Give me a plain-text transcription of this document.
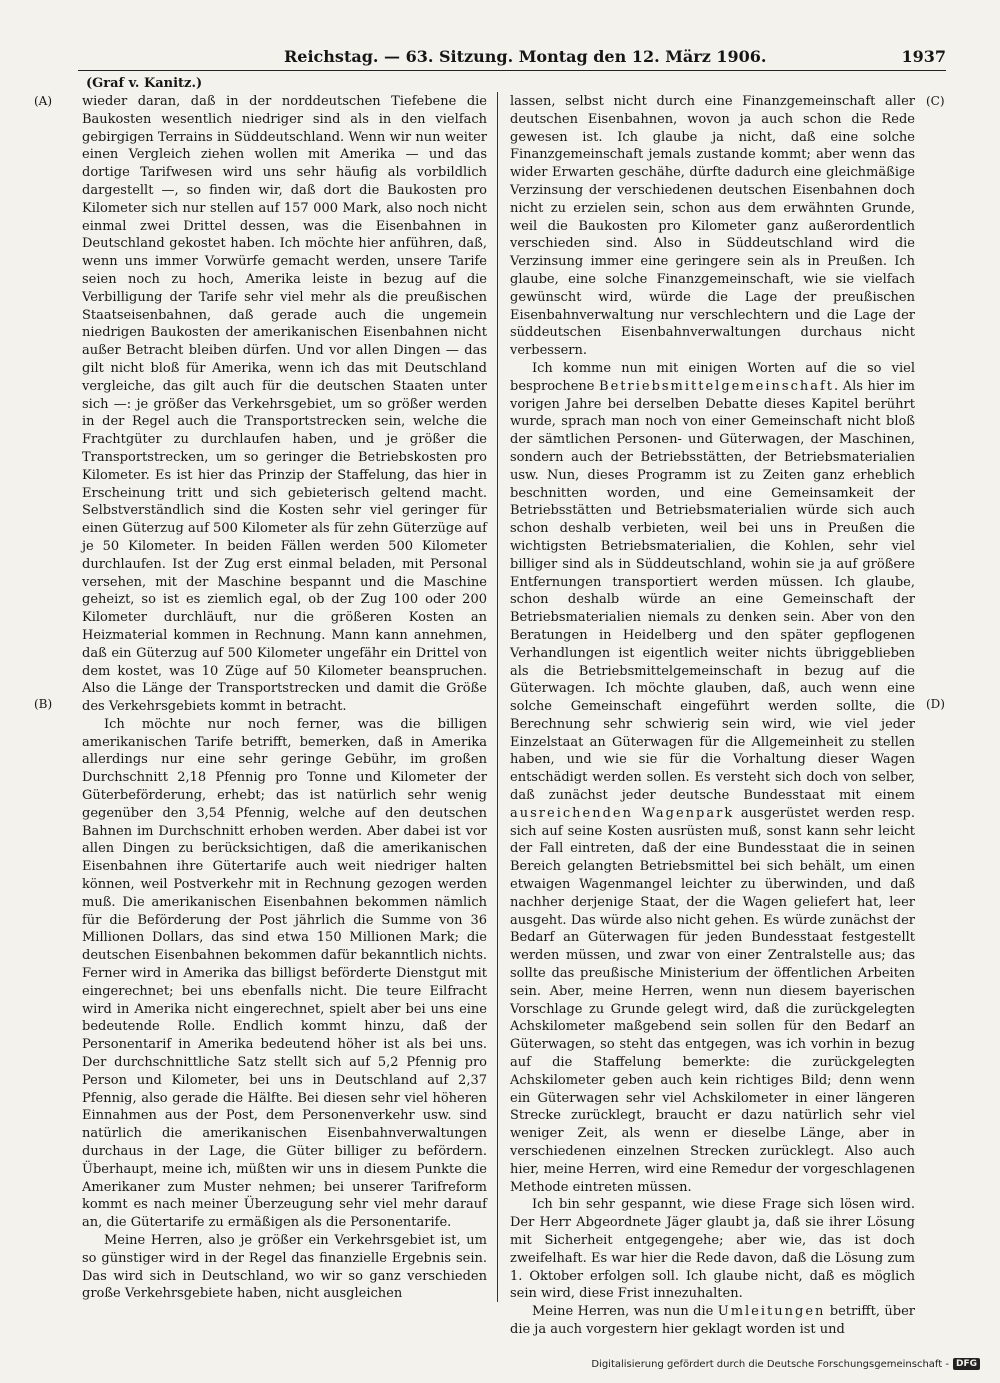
Reichstag. — 63. Sitzung. Montag den 12. März 1906.	1937
(Graf v. Kanitz.)
(A)
(B)
(C)
(D)

wieder daran, daß in der norddeutschen Tiefebene die Baukosten wesentlich niedriger sind als in den vielfach gebirgigen Terrains in Süddeutschland. Wenn wir nun weiter einen Vergleich ziehen wollen mit Amerika — und das dortige Tarifwesen wird uns sehr häufig als vorbildlich dargestellt —, so finden wir, daß dort die Baukosten pro Kilometer sich nur stellen auf 157 000 Mark, also noch nicht einmal zwei Drittel dessen, was die Eisenbahnen in Deutschland gekostet haben. Ich möchte hier anführen, daß, wenn uns immer Vorwürfe gemacht werden, unsere Tarife seien noch zu hoch, Amerika leiste in bezug auf die Verbilligung der Tarife sehr viel mehr als die preußischen Staatseisenbahnen, daß gerade auch die ungemein niedrigen Baukosten der amerikanischen Eisenbahnen nicht außer Betracht bleiben dürfen. Und vor allen Dingen — das gilt nicht bloß für Amerika, wenn ich das mit Deutschland vergleiche, das gilt auch für die deutschen Staaten unter sich —: je größer das Verkehrsgebiet, um so größer werden in der Regel auch die Transportstrecken sein, welche die Frachtgüter zu durchlaufen haben, und je größer die Transportstrecken, um so geringer die Betriebskosten pro Kilometer. Es ist hier das Prinzip der Staffelung, das hier in Erscheinung tritt und sich gebieterisch geltend macht. Selbstverständlich sind die Kosten sehr viel geringer für einen Güterzug auf 500 Kilometer als für zehn Güterzüge auf je 50 Kilometer. In beiden Fällen werden 500 Kilometer durchlaufen. Ist der Zug erst einmal beladen, mit Personal versehen, mit der Maschine bespannt und die Maschine geheizt, so ist es ziemlich egal, ob der Zug 100 oder 200 Kilometer durchläuft, nur die größeren Kosten an Heizmaterial kommen in Rechnung. Mann kann annehmen, daß ein Güterzug auf 500 Kilometer ungefähr ein Drittel von dem kostet, was 10 Züge auf 50 Kilometer beanspruchen. Also die Länge der Transportstrecken und damit die Größe des Verkehrsgebiets kommt in betracht.

Ich möchte nur noch ferner, was die billigen amerikanischen Tarife betrifft, bemerken, daß in Amerika allerdings nur eine sehr geringe Gebühr, im großen Durchschnitt 2,18 Pfennig pro Tonne und Kilometer der Güterbeförderung, erhebt; das ist natürlich sehr wenig gegenüber den 3,54 Pfennig, welche auf den deutschen Bahnen im Durchschnitt erhoben werden. Aber dabei ist vor allen Dingen zu berücksichtigen, daß die amerikanischen Eisenbahnen ihre Gütertarife auch weit niedriger halten können, weil Postverkehr mit in Rechnung gezogen werden muß. Die amerikanischen Eisenbahnen bekommen nämlich für die Beförderung der Post jährlich die Summe von 36 Millionen Dollars, das sind etwa 150 Millionen Mark; die deutschen Eisenbahnen bekommen dafür bekanntlich nichts. Ferner wird in Amerika das billigst beförderte Dienstgut mit eingerechnet; bei uns ebenfalls nicht. Die teure Eilfracht wird in Amerika nicht eingerechnet, spielt aber bei uns eine bedeutende Rolle. Endlich kommt hinzu, daß der Personentarif in Amerika bedeutend höher ist als bei uns. Der durchschnittliche Satz stellt sich auf 5,2 Pfennig pro Person und Kilometer, bei uns in Deutschland auf 2,37 Pfennig, also gerade die Hälfte. Bei diesen sehr viel höheren Einnahmen aus der Post, dem Personenverkehr usw. sind natürlich die amerikanischen Eisenbahnverwaltungen durchaus in der Lage, die Güter billiger zu befördern. Überhaupt, meine ich, müßten wir uns in diesem Punkte die Amerikaner zum Muster nehmen; bei unserer Tarifreform kommt es nach meiner Überzeugung sehr viel mehr darauf an, die Gütertarife zu ermäßigen als die Personentarife.

Meine Herren, also je größer ein Verkehrsgebiet ist, um so günstiger wird in der Regel das finanzielle Ergebnis sein. Das wird sich in Deutschland, wo wir so ganz verschieden große Verkehrsgebiete haben, nicht ausgleichen

lassen, selbst nicht durch eine Finanzgemeinschaft aller deutschen Eisenbahnen, wovon ja auch schon die Rede gewesen ist. Ich glaube ja nicht, daß eine solche Finanzgemeinschaft jemals zustande kommt; aber wenn das wider Erwarten geschähe, dürfte dadurch eine gleichmäßige Verzinsung der verschiedenen deutschen Eisenbahnen doch nicht zu erzielen sein, schon aus dem erwähnten Grunde, weil die Baukosten pro Kilometer ganz außerordentlich verschieden sind. Also in Süddeutschland wird die Verzinsung immer eine geringere sein als in Preußen. Ich glaube, eine solche Finanzgemeinschaft, wie sie vielfach gewünscht wird, würde die Lage der preußischen Eisenbahnverwaltung nur verschlechtern und die Lage der süddeutschen Eisenbahnverwaltungen durchaus nicht verbessern.

Ich komme nun mit einigen Worten auf die so viel besprochene Betriebsmittelgemeinschaft. Als hier im vorigen Jahre bei derselben Debatte dieses Kapitel berührt wurde, sprach man noch von einer Gemeinschaft nicht bloß der sämtlichen Personen- und Güterwagen, der Maschinen, sondern auch der Betriebsstätten, der Betriebsmaterialien usw. Nun, dieses Programm ist zu Zeiten ganz erheblich beschnitten worden, und eine Gemeinsamkeit der Betriebsstätten und Betriebsmaterialien würde sich auch schon deshalb verbieten, weil bei uns in Preußen die wichtigsten Betriebsmaterialien, die Kohlen, sehr viel billiger sind als in Süddeutschland, wohin sie ja auf größere Entfernungen transportiert werden müssen. Ich glaube, schon deshalb würde an eine Gemeinschaft der Betriebsmaterialien niemals zu denken sein. Aber von den Beratungen in Heidelberg und den später gepflogenen Verhandlungen ist eigentlich weiter nichts übriggeblieben als die Betriebsmittelgemeinschaft in bezug auf die Güterwagen. Ich möchte glauben, daß, auch wenn eine solche Gemeinschaft eingeführt werden sollte, die Berechnung sehr schwierig sein wird, wie viel jeder Einzelstaat an Güterwagen für die Allgemeinheit zu stellen haben, und wie sie für die Vorhaltung dieser Wagen entschädigt werden sollen. Es versteht sich doch von selber, daß zunächst jeder deutsche Bundesstaat mit einem ausreichenden Wagenpark ausgerüstet werden resp. sich auf seine Kosten ausrüsten muß, sonst kann sehr leicht der Fall eintreten, daß der eine Bundesstaat die in seinen Bereich gelangten Betriebsmittel bei sich behält, um einen etwaigen Wagenmangel leichter zu überwinden, und daß nachher derjenige Staat, der die Wagen geliefert hat, leer ausgeht. Das würde also nicht gehen. Es würde zunächst der Bedarf an Güterwagen für jeden Bundesstaat festgestellt werden müssen, und zwar von einer Zentralstelle aus; das sollte das preußische Ministerium der öffentlichen Arbeiten sein. Aber, meine Herren, wenn nun diesem bayerischen Vorschlage zu Grunde gelegt wird, daß die zurückgelegten Achskilometer maßgebend sein sollen für den Bedarf an Güterwagen, so steht das entgegen, was ich vorhin in bezug auf die Staffelung bemerkte: die zurückgelegten Achskilometer geben auch kein richtiges Bild; denn wenn ein Güterwagen sehr viel Achskilometer in einer längeren Strecke zurücklegt, braucht er dazu natürlich sehr viel weniger Zeit, als wenn er dieselbe Länge, aber in verschiedenen einzelnen Strecken zurücklegt. Also auch hier, meine Herren, wird eine Remedur der vorgeschlagenen Methode eintreten müssen.

Ich bin sehr gespannt, wie diese Frage sich lösen wird. Der Herr Abgeordnete Jäger glaubt ja, daß sie ihrer Lösung mit Sicherheit entgegengehe; aber wie, das ist doch zweifelhaft. Es war hier die Rede davon, daß die Lösung zum 1. Oktober erfolgen soll. Ich glaube nicht, daß es möglich sein wird, diese Frist innezuhalten.

Meine Herren, was nun die Umleitungen betrifft, über die ja auch vorgestern hier geklagt worden ist und

Digitalisierung gefördert durch die Deutsche Forschungsgemeinschaft - DFG
